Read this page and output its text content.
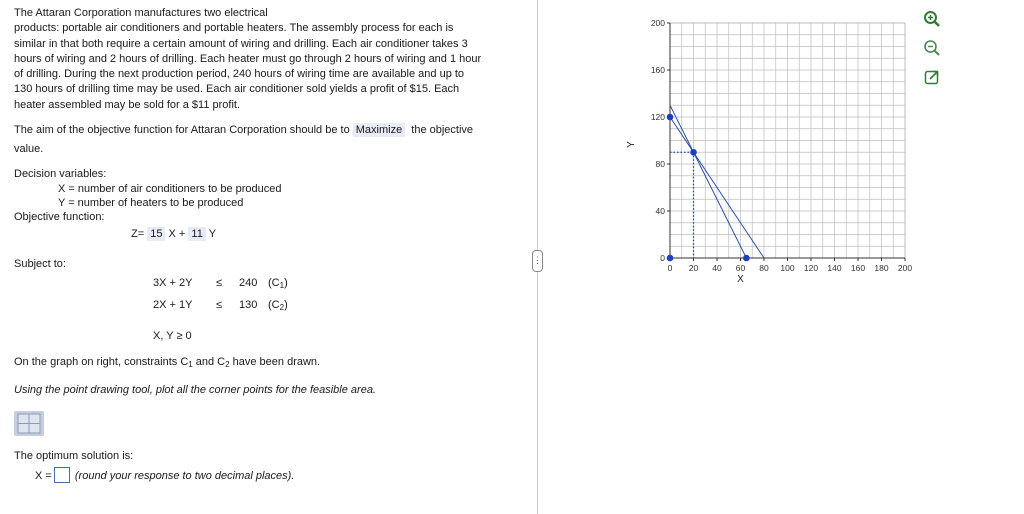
The Attaran Corporation manufactures two electrical
products: portable air conditioners and portable heaters. The assembly process for each is
similar in that both require a certain amount of wiring and drilling. Each air conditioner takes 3
hours of wiring and 2 hours of drilling. Each heater must go through 2 hours of wiring and 1 hour
of drilling. During the next production period, 240 hours of wiring time are available and up to
130 hours of drilling time may be used. Each air conditioner sold yields a profit of $15. Each
heater assembled may be sold for a $11 profit.
The aim of the objective function for Attaran Corporation should be to Maximize the objective
value.
Decision variables:
X = number of air conditioners to be produced
Y = number of heaters to be produced
Objective function:
Z= 15 X + 11 Y
Subject to:
3X + 2Y ≤ 240 $(C_1)$
2X + 1Y ≤ 130 $(C_2)$
X, Y ≥ 0
On the graph on right, constraints $C_1$ and $C_2$ have been drawn.
Using the point drawing tool, plot all the corner points for the feasible area.
The optimum solution is:
X = (round your response to two decimal places).
⋮
0 20 40 60 80 100 120 140 160 180 200
0
40
80
120
160
200
X
Y
